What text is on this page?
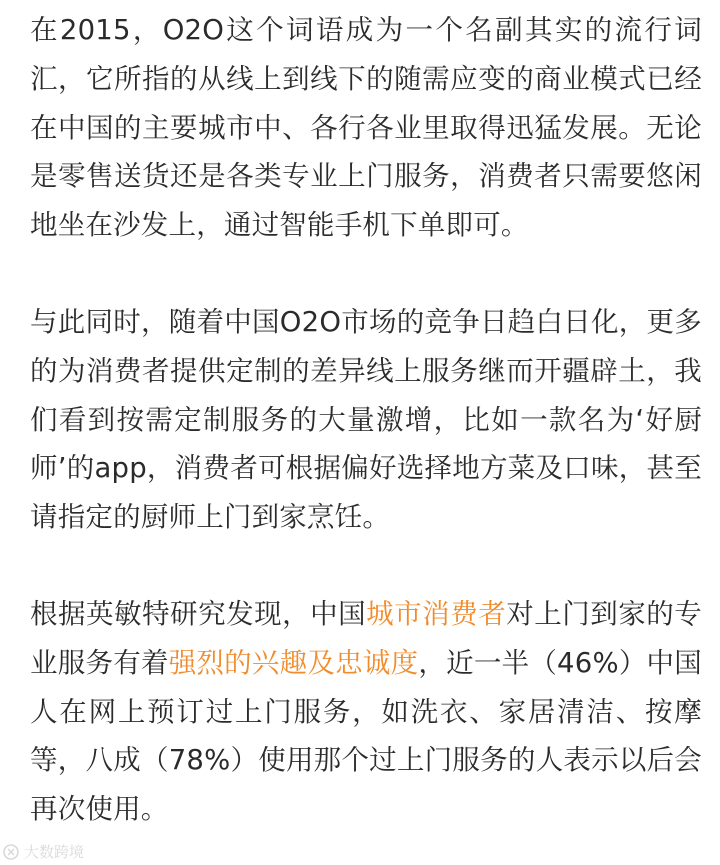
在2015，O2O这个词语成为一个名副其实的流行词汇，它所指的从线上到线下的随需应变的商业模式已经在中国的主要城市中、各行各业里取得迅猛发展。无论是零售送货还是各类专业上门服务，消费者只需要悠闲地坐在沙发上，通过智能手机下单即可。

与此同时，随着中国O2O市场的竞争日趋白日化，更多的为消费者提供定制的差异线上服务继而开疆辟土，我们看到按需定制服务的大量激增，比如一款名为‘好厨师’的app，消费者可根据偏好选择地方菜及口味，甚至请指定的厨师上门到家烹饪。

根据英敏特研究发现，中国城市消费者对上门到家的专业服务有着强烈的兴趣及忠诚度，近一半（46%）中国人在网上预订过上门服务，如洗衣、家居清洁、按摩等，八成（78%）使用那个过上门服务的人表示以后会再次使用。

大数跨境
